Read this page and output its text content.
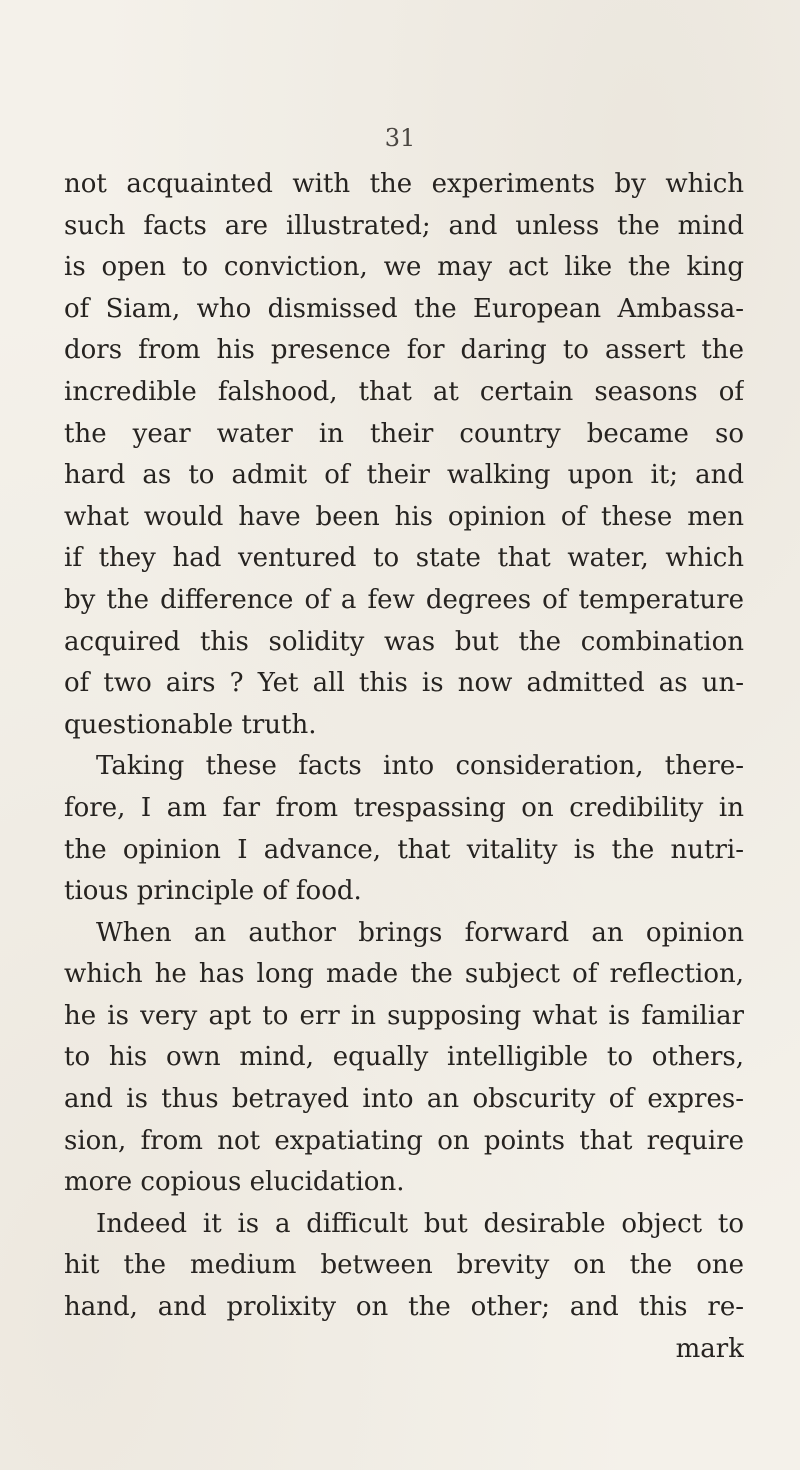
31
not acquainted with the experiments by which
such facts are illustrated; and unless the mind
is open to conviction, we may act like the king
of Siam, who dismissed the European Ambassa-
dors from his presence for daring to assert the
incredible falshood, that at certain seasons of
the year water in their country became so
hard as to admit of their walking upon it; and
what would have been his opinion of these men
if they had ventured to state that water, which
by the difference of a few degrees of temperature
acquired this solidity was but the combination
of two airs ? Yet all this is now admitted as un-
questionable truth.
Taking these facts into consideration, there-
fore, I am far from trespassing on credibility in
the opinion I advance, that vitality is the nutri-
tious principle of food.
When an author brings forward an opinion
which he has long made the subject of reflection,
he is very apt to err in supposing what is familiar
to his own mind, equally intelligible to others,
and is thus betrayed into an obscurity of expres-
sion, from not expatiating on points that require
more copious elucidation.
Indeed it is a difficult but desirable object to
hit the medium between brevity on the one
hand, and prolixity on the other; and this re-
mark
